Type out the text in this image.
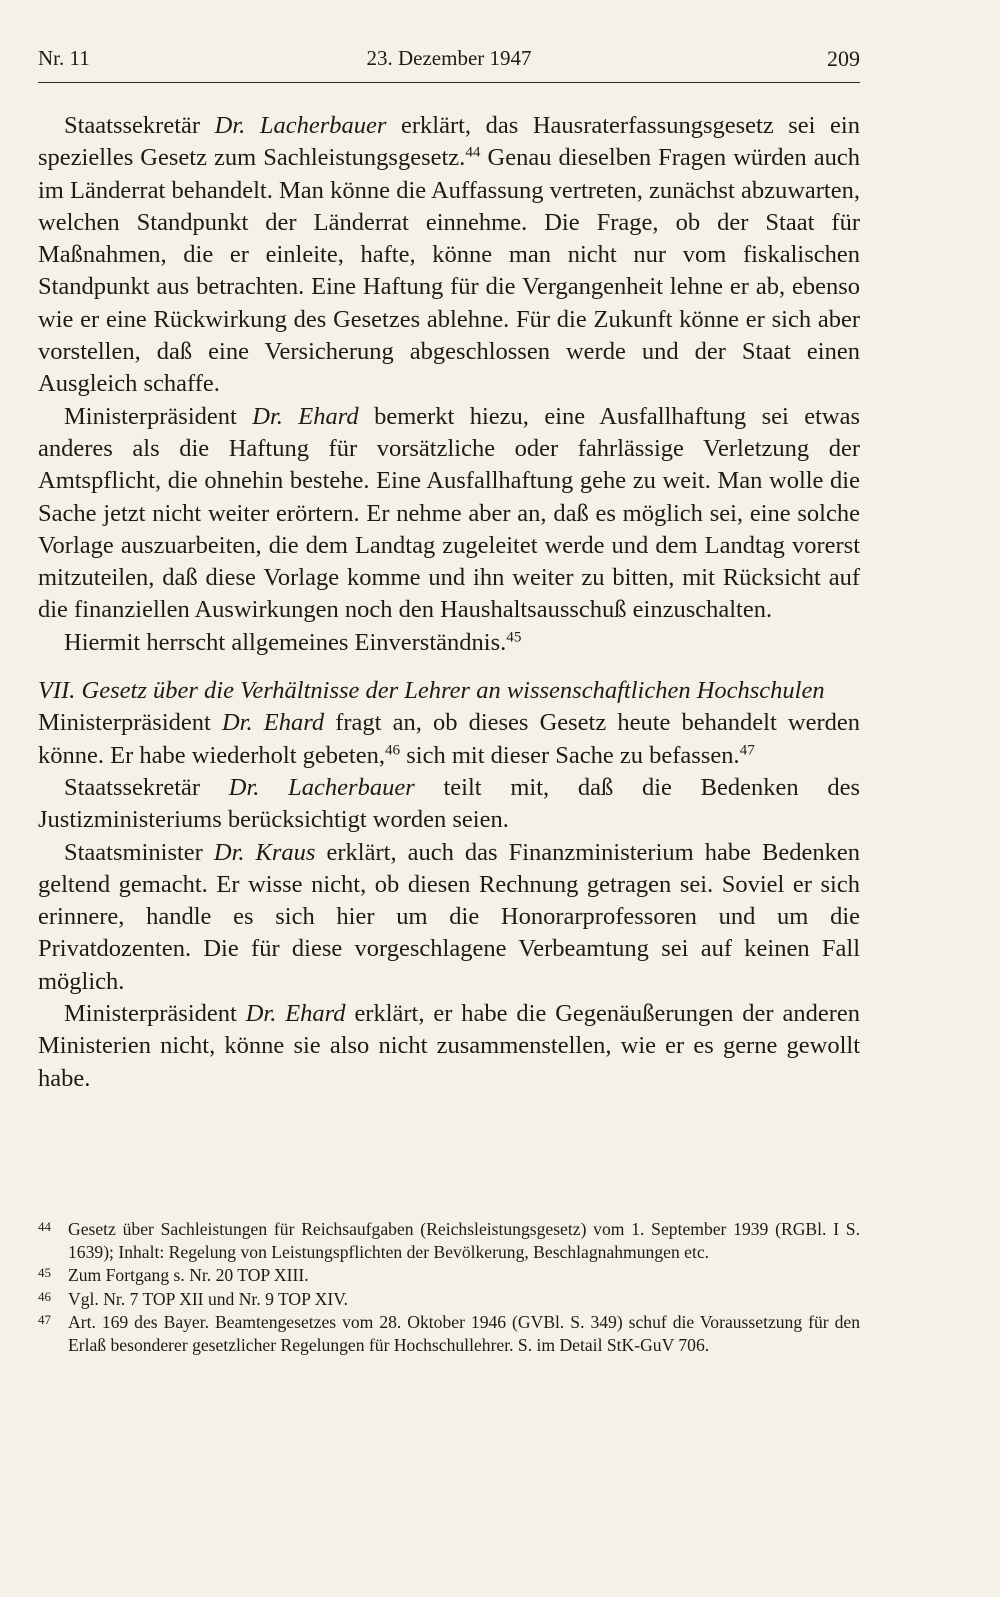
Nr. 11	23. Dezember 1947	209

Staatssekretär Dr. Lacherbauer erklärt, das Hausraterfassungsgesetz sei ein spezielles Gesetz zum Sachleistungsgesetz.$^{44}$ Genau dieselben Fragen würden auch im Länderrat behandelt. Man könne die Auffassung vertreten, zunächst abzuwarten, welchen Standpunkt der Länderrat einnehme. Die Frage, ob der Staat für Maßnahmen, die er einleite, hafte, könne man nicht nur vom fiskalischen Standpunkt aus betrachten. Eine Haftung für die Vergangenheit lehne er ab, ebenso wie er eine Rückwirkung des Gesetzes ablehne. Für die Zukunft könne er sich aber vorstellen, daß eine Versicherung abgeschlossen werde und der Staat einen Ausgleich schaffe.

Ministerpräsident Dr. Ehard bemerkt hiezu, eine Ausfallhaftung sei etwas anderes als die Haftung für vorsätzliche oder fahrlässige Verletzung der Amtspflicht, die ohnehin bestehe. Eine Ausfallhaftung gehe zu weit. Man wolle die Sache jetzt nicht weiter erörtern. Er nehme aber an, daß es möglich sei, eine solche Vorlage auszuarbeiten, die dem Landtag zugeleitet werde und dem Landtag vorerst mitzuteilen, daß diese Vorlage komme und ihn weiter zu bitten, mit Rücksicht auf die finanziellen Auswirkungen noch den Haushaltsausschuß einzuschalten.

Hiermit herrscht allgemeines Einverständnis.$^{45}$

VII. Gesetz über die Verhältnisse der Lehrer an wissenschaftlichen Hochschulen

Ministerpräsident Dr. Ehard fragt an, ob dieses Gesetz heute behandelt werden könne. Er habe wiederholt gebeten,$^{46}$ sich mit dieser Sache zu befassen.$^{47}$

Staatssekretär Dr. Lacherbauer teilt mit, daß die Bedenken des Justizministeriums berücksichtigt worden seien.

Staatsminister Dr. Kraus erklärt, auch das Finanzministerium habe Bedenken geltend gemacht. Er wisse nicht, ob diesen Rechnung getragen sei. Soviel er sich erinnere, handle es sich hier um die Honorarprofessoren und um die Privatdozenten. Die für diese vorgeschlagene Verbeamtung sei auf keinen Fall möglich.

Ministerpräsident Dr. Ehard erklärt, er habe die Gegenäußerungen der anderen Ministerien nicht, könne sie also nicht zusammenstellen, wie er es gerne gewollt habe.

44 Gesetz über Sachleistungen für Reichsaufgaben (Reichsleistungsgesetz) vom 1. September 1939 (RGBl. I S. 1639); Inhalt: Regelung von Leistungspflichten der Bevölkerung, Beschlagnahmungen etc.

45 Zum Fortgang s. Nr. 20 TOP XIII.

46 Vgl. Nr. 7 TOP XII und Nr. 9 TOP XIV.

47 Art. 169 des Bayer. Beamtengesetzes vom 28. Oktober 1946 (GVBl. S. 349) schuf die Voraussetzung für den Erlaß besonderer gesetzlicher Regelungen für Hochschullehrer. S. im Detail StK-GuV 706.
